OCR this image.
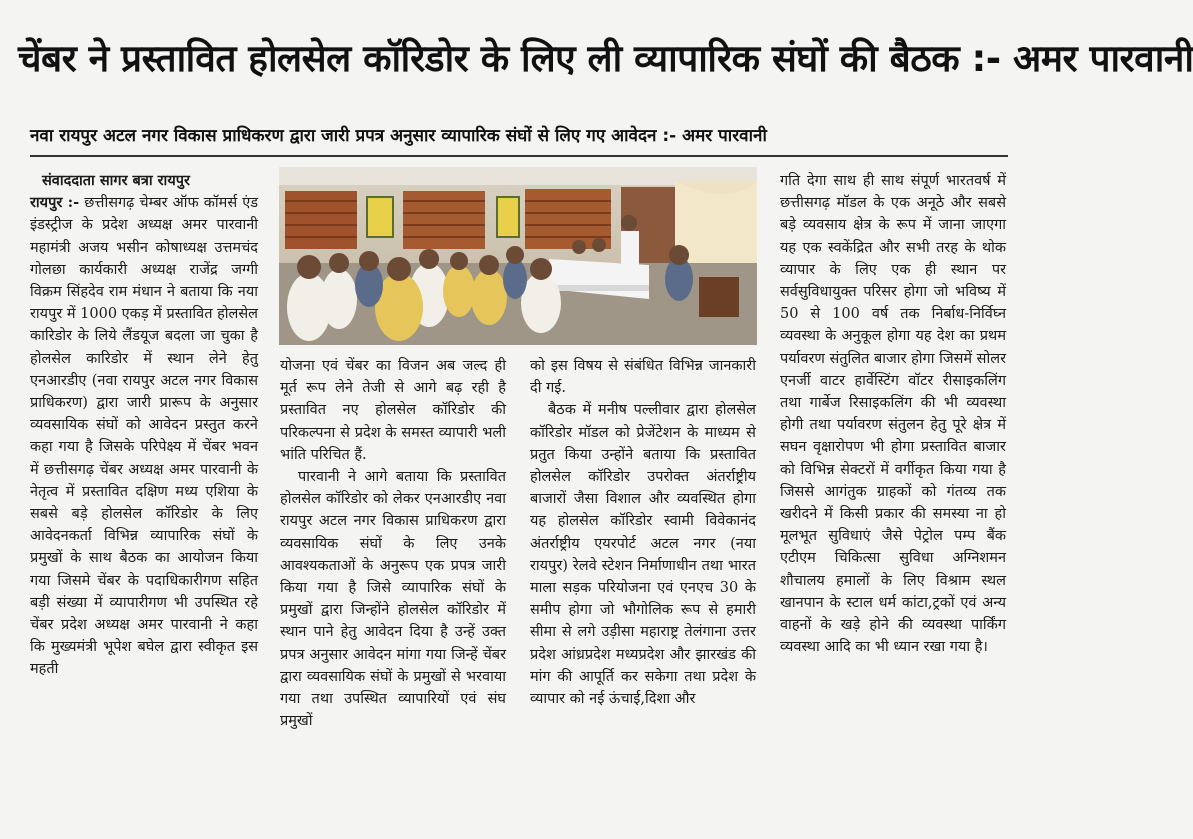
चेंबर ने प्रस्तावित होलसेल कॉरिडोर के लिए ली व्यापारिक संघों की बैठक :- अमर पारवानी
नवा रायपुर अटल नगर विकास प्राधिकरण द्वारा जारी प्रपत्र अनुसार व्यापारिक संघों से लिए गए आवेदन :- अमर पारवानी

संवाददाता सागर बत्रा रायपुर

रायपुर :- छत्तीसगढ़ चेम्बर ऑफ कॉमर्स एंड इंडस्ट्रीज के प्रदेश अध्यक्ष अमर पारवानी महामंत्री अजय भसीन कोषाध्यक्ष उत्तमचंद गोलछा कार्यकारी अध्यक्ष राजेंद्र जग्गी विक्रम सिंहदेव राम मंधान ने बताया कि नया रायपुर में 1000 एकड़ में प्रस्तावित होलसेल कारिडोर के लिये लैंडयूज बदला जा चुका है होलसेल कारिडोर में स्थान लेने हेतु एनआरडीए (नवा रायपुर अटल नगर विकास प्राधिकरण) द्वारा जारी प्रारूप के अनुसार व्यवसायिक संघों को आवेदन प्रस्तुत करने कहा गया है जिसके परिपेक्ष्य में चेंबर भवन में छत्तीसगढ़ चेंबर अध्यक्ष अमर पारवानी के नेतृत्व में प्रस्तावित दक्षिण मध्य एशिया के सबसे बड़े होलसेल कॉरिडोर के लिए आवेदनकर्ता विभिन्न व्यापारिक संघों के प्रमुखों के साथ बैठक का आयोजन किया गया जिसमे चेंबर के पदाधिकारीगण सहित बड़ी संख्या में व्यापारीगण भी उपस्थित रहे चेंबर प्रदेश अध्यक्ष अमर पारवानी ने कहा कि मुख्यमंत्री भूपेश बघेल द्वारा स्वीकृत इस महती

योजना एवं चेंबर का विजन अब जल्द ही मूर्त रूप लेने तेजी से आगे बढ़ रही है प्रस्तावित नए होलसेल कॉरिडोर की परिकल्पना से प्रदेश के समस्त व्यापारी भली भांति परिचित हैं.

पारवानी ने आगे बताया कि प्रस्तावित होलसेल कॉरिडोर को लेकर एनआरडीए नवा रायपुर अटल नगर विकास प्राधिकरण द्वारा व्यवसायिक संघों के लिए उनके आवश्यकताओं के अनुरूप एक प्रपत्र जारी किया गया है जिसे व्यापारिक संघों के प्रमुखों द्वारा जिन्होंने होलसेल कॉरिडोर में स्थान पाने हेतु आवेदन दिया है उन्हें उक्त प्रपत्र अनुसार आवेदन मांगा गया जिन्हें चेंबर द्वारा व्यवसायिक संघों के प्रमुखों से भरवाया गया तथा उपस्थित व्यापारियों एवं संघ प्रमुखों

को इस विषय से संबंधित विभिन्न जानकारी दी गई.

बैठक में मनीष पल्लीवार द्वारा होलसेल कॉरिडोर मॉडल को प्रेजेंटेशन के माध्यम से प्रतुत किया उन्होंने बताया कि प्रस्तावित होलसेल कॉरिडोर उपरोक्त अंतर्राष्ट्रीय बाजारों जैसा विशाल और व्यवस्थित होगा यह होलसेल कॉरिडोर स्वामी विवेकानंद अंतर्राष्ट्रीय एयरपोर्ट अटल नगर (नया रायपुर) रेलवे स्टेशन निर्माणाधीन तथा भारत माला सड़क परियोजना एवं एनएच 30 के समीप होगा जो भौगोलिक रूप से हमारी सीमा से लगे उड़ीसा महाराष्ट्र तेलंगाना उत्तर प्रदेश आंध्रप्रदेश मध्यप्रदेश और झारखंड की मांग की आपूर्ति कर सकेगा तथा प्रदेश के व्यापार को नई ऊंचाई,दिशा और

गति देगा साथ ही साथ संपूर्ण भारतवर्ष में छत्तीसगढ़ मॉडल के एक अनूठे और सबसे बड़े व्यवसाय क्षेत्र के रूप में जाना जाएगा यह एक स्वकेंद्रित और सभी तरह के थोक व्यापार के लिए एक ही स्थान पर सर्वसुविधायुक्त परिसर होगा जो भविष्य में 50 से 100 वर्ष तक निर्बाध-निर्विघ्न व्यवस्था के अनुकूल होगा यह देश का प्रथम पर्यावरण संतुलित बाजार होगा जिसमें सोलर एनर्जी वाटर हार्वेस्टिंग वॉटर रीसाइकलिंग तथा गार्बेज रिसाइकलिंग की भी व्यवस्था होगी तथा पर्यावरण संतुलन हेतु पूरे क्षेत्र में सघन वृक्षारोपण भी होगा प्रस्तावित बाजार को विभिन्न सेक्टरों में वर्गीकृत किया गया है जिससे आगंतुक ग्राहकों को गंतव्य तक खरीदने में किसी प्रकार की समस्या ना हो मूलभूत सुविधाएं जैसे पेट्रोल पम्प बैंक एटीएम चिकित्सा सुविधा अग्निशमन शौचालय हमालों के लिए विश्राम स्थल खानपान के स्टाल धर्म कांटा,ट्रकों एवं अन्य वाहनों के खड़े होने की व्यवस्था पार्किंग व्यवस्था आदि का भी ध्यान रखा गया है।
